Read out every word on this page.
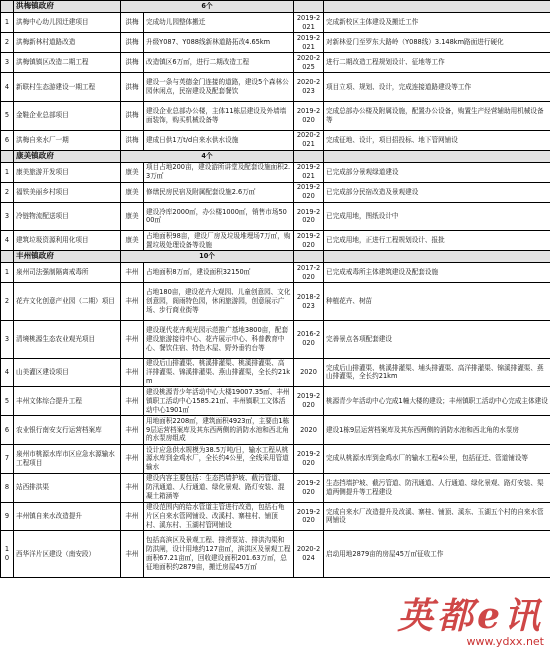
	洪梅镇政府	6个			
1	洪梅中心幼儿园迁建项目	洪梅	完成幼儿园整体搬迁	2019-2021	完成新校区主体建设及搬迁工作
2	洪梅新林村道路改造	洪梅	升级Y087、Y088线新林道路拓改4.65km	2019-2021	对新林爱门至罗东大路岭（Y088线）3.148km路面进行硬化
3	洪梅镇镇区改造二期工程	洪梅	改造镇区6万㎡，进行二期改造工程	2020-2025	进行二期改造工程规划设计、征地等工作
4	新联村生态游建设一期工程	洪梅	建设一条与英德金门连接的道路，建设5个森林公园休闲点，民宿建设及配套餐饮	2020-2023	项目立项、规划、设计，完成连接道路建设等工作
5	金鞋企业总部项目	洪梅	建设企业总部办公楼，主体11栋层建设及外墙墙面装饰，购买机械设备等	2019-2020	完成总部办公楼及附属设施，配置办公设备，购置生产经营辅助用机械设备等
6	洪梅自来水厂一期	洪梅	建成日供1万t/d自来水供水设施	2020-2021	完成征地、设计，项目招投标、地下管网铺设
	康美镇政府	4个			
1	康美旅游开发项目	康美	项目占地200亩，建设游所讲堂及配套设施面积2.3万㎡	2019-2021	已完成部分景观绿道建设
2	福铁美丽乡村项目	康美	修缮民房民宿及附属配套设施2.6万㎡	2019-2020	已完成部分民宿改造及景观建设
3	冷链物流配送项目	康美	建设冷库2000㎡，办公楼1000㎡，销售市场5000㎡	2019-2020	已完成用地，图纸设计中
4	建筑垃圾资源利用化项目	康美	占地面积98亩，建设厂房及垃圾堆埋场7万㎡，购置垃圾处理设备等设施	2019-2020	已完成用地，正进行工程规划设计、报批
	丰州镇政府	10个			
1	泉州司法强制隔离戒毒所	丰州	占地面积8万㎡，建设面积32150㎡	2017-2020	已完成戒毒所主体建筑建设及配套设施
2	花卉文化创意产业园（二期）项目	丰州	占地180亩，建设花卉大观园、儿童创意园、文化创意园，阁雨特色园，休闲旅游园，创意展示广场、步行商业街等	2018-2023	种植花卉、树苗
3	清境桃源生态农业观光项目	丰州	建设现代花卉观光园示范推广基地3800亩，配套建设旅游接待中心、花卉展示中心、科普教育中心、餐饮住宿、特色木屋、野外垂钓台等	2016-2020	完善景点各项配套建设
4	山美灌区建设项目	丰州	建设后山排灌渠、桃溪排灌渠、桃溪排灌渠、高洋排灌渠、锦溪排灌渠、燕山排灌渠，全长约21km	2020	完成后山排灌渠、桃溪排灌渠、埔头排灌渠、高洋排灌渠、锦溪排灌渠、燕山排灌渠，全长约21km
5	丰州文体综合提升工程	丰州	建设桃源青少年活动中心大楼19007.35㎡、丰州镇职工活动中心1585.21㎡、丰州镇职工文体活动中心1901㎡	2019-2020	桃源青少年活动中心完成1幢大楼的建设；丰州镇职工活动中心完成主体建设
6	农业银行南安支行运营档案库	丰州	用地面积2208㎡，建筑面积4923㎡，主要由1栋9层运营档案库及其东西两侧的消防水池和西北角的水泵房组成	2020	建设1栋9层运营档案库及其东西两侧的消防水池和西北角的水泵房
7	泉州市桃源水库市区应急水源输水工程项目	丰州	设计应急供水规模为38.5万吨/日，输水工程从桃源水库到金鸡水厂，全长约4公里，全线采用管道输水	2019-2020	完成从桃源水库到金鸡水厂的输水工程4公里，包括征迁、管道铺设等
8	站西排洪渠	丰州	建设内容主要包括：生态挡墙护坡、截污管道、防汛通道、人行通道、绿化景观、路灯安装、混凝土箱涵等	2019-2020	生态挡墙护坡、截污管道、防汛通道、人行通道、绿化景观、路灯安装、渠道两侧提升等工程建设
9	丰州镇自来水改造提升	丰州	建设范围内的给水管道主管进行改造，包括石龟片区自来水管网铺设、改溪村、寨桂村、铺顶村、溪东村、玉湖村管网铺设	2019-2020	完成自来水厂改造提升及改溪、寨桂、铺顶、溪东、玉湖五个村的自来水管网铺设
10	西华洋片区建设（南安段）	丰州	包括高滨区及景观工程、排涝泵站、排洪沟渠和防洪闸，设计用地约127亩㎡，滨洪区及景观工程面积67.21亩㎡，回收建设面积201.63万㎡，总征地面积约2879亩，搬迁房屋45万㎡	2020-2024	启动用地2879亩的房屋45万㎡征收工作
英都e讯
www.ydxx.net
